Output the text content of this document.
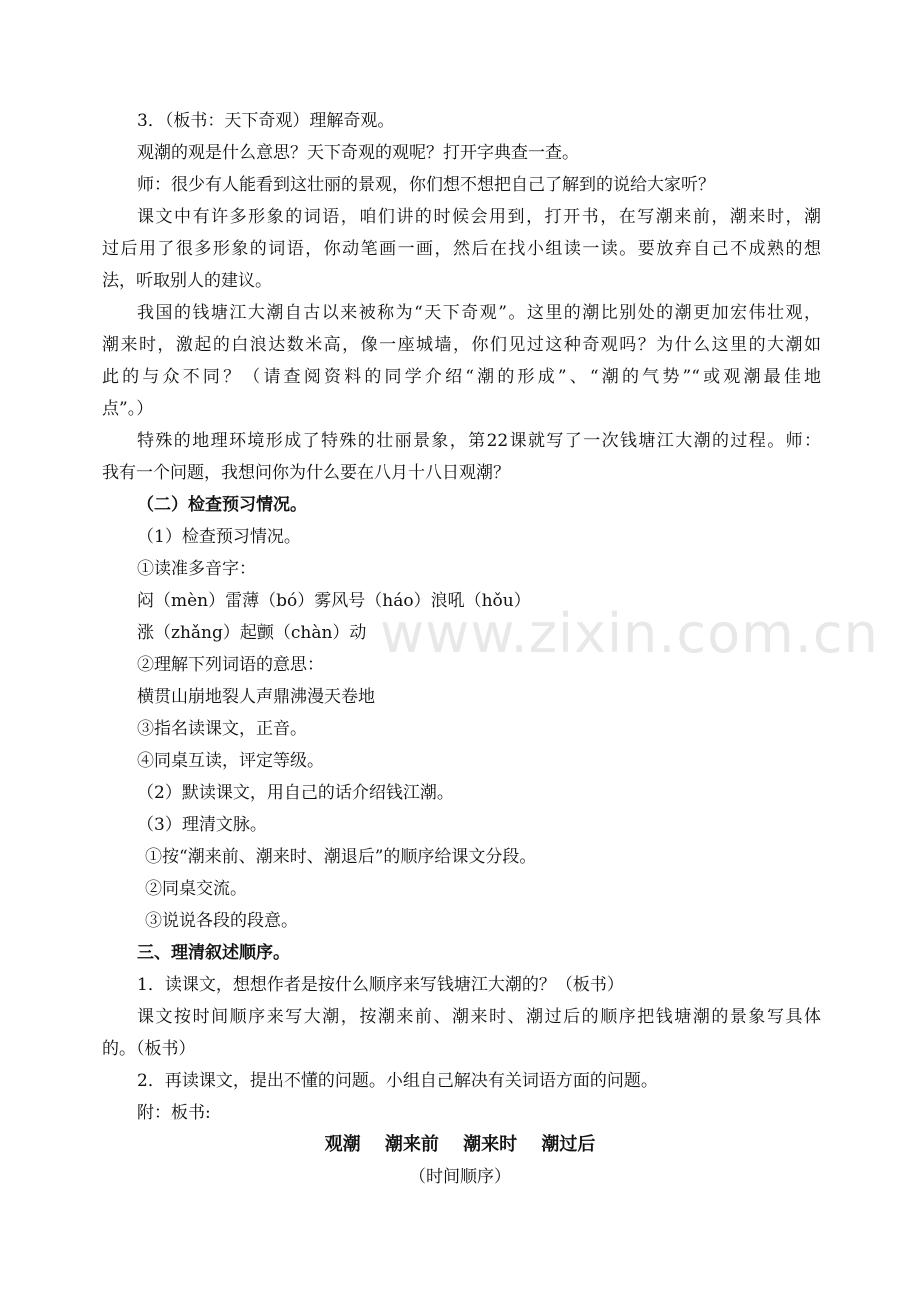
www.zixin.com.cn
3．（板书：天下奇观）理解奇观。
观潮的观是什么意思？天下奇观的观呢？打开字典查一查。
师：很少有人能看到这壮丽的景观，你们想不想把自己了解到的说给大家听？
课文中有许多形象的词语，咱们讲的时候会用到，打开书，在写潮来前，潮来时，潮
过后用了很多形象的词语，你动笔画一画，然后在找小组读一读。要放弃自己不成熟的想
法，听取别人的建议。
我国的钱塘江大潮自古以来被称为“天下奇观”。这里的潮比别处的潮更加宏伟壮观，
潮来时，激起的白浪达数米高，像一座城墙，你们见过这种奇观吗？为什么这里的大潮如
此的与众不同？（请查阅资料的同学介绍“潮的形成”、“潮的气势”“或观潮最佳地
点”。）
特殊的地理环境形成了特殊的壮丽景象，第22课就写了一次钱塘江大潮的过程。师：
我有一个问题，我想问你为什么要在八月十八日观潮？
（二）检查预习情况。
（1）检查预习情况。
①读准多音字：
闷（mèn）雷薄（bó）雾风号（háo）浪吼（hǒu）
涨（zhǎng）起颤（chàn）动
②理解下列词语的意思：
横贯山崩地裂人声鼎沸漫天卷地
③指名读课文，正音。
④同桌互读，评定等级。
（2）默读课文，用自己的话介绍钱江潮。
（3）理清文脉。
①按“潮来前、潮来时、潮退后”的顺序给课文分段。
②同桌交流。
③说说各段的段意。
三、理清叙述顺序。
1．读课文，想想作者是按什么顺序来写钱塘江大潮的？（板书）
课文按时间顺序来写大潮，按潮来前、潮来时、潮过后的顺序把钱塘潮的景象写具体
的。（板书）
2．再读课文，提出不懂的问题。小组自己解决有关词语方面的问题。
附：板书:
观潮 潮来前 潮来时 潮过后
（时间顺序）
